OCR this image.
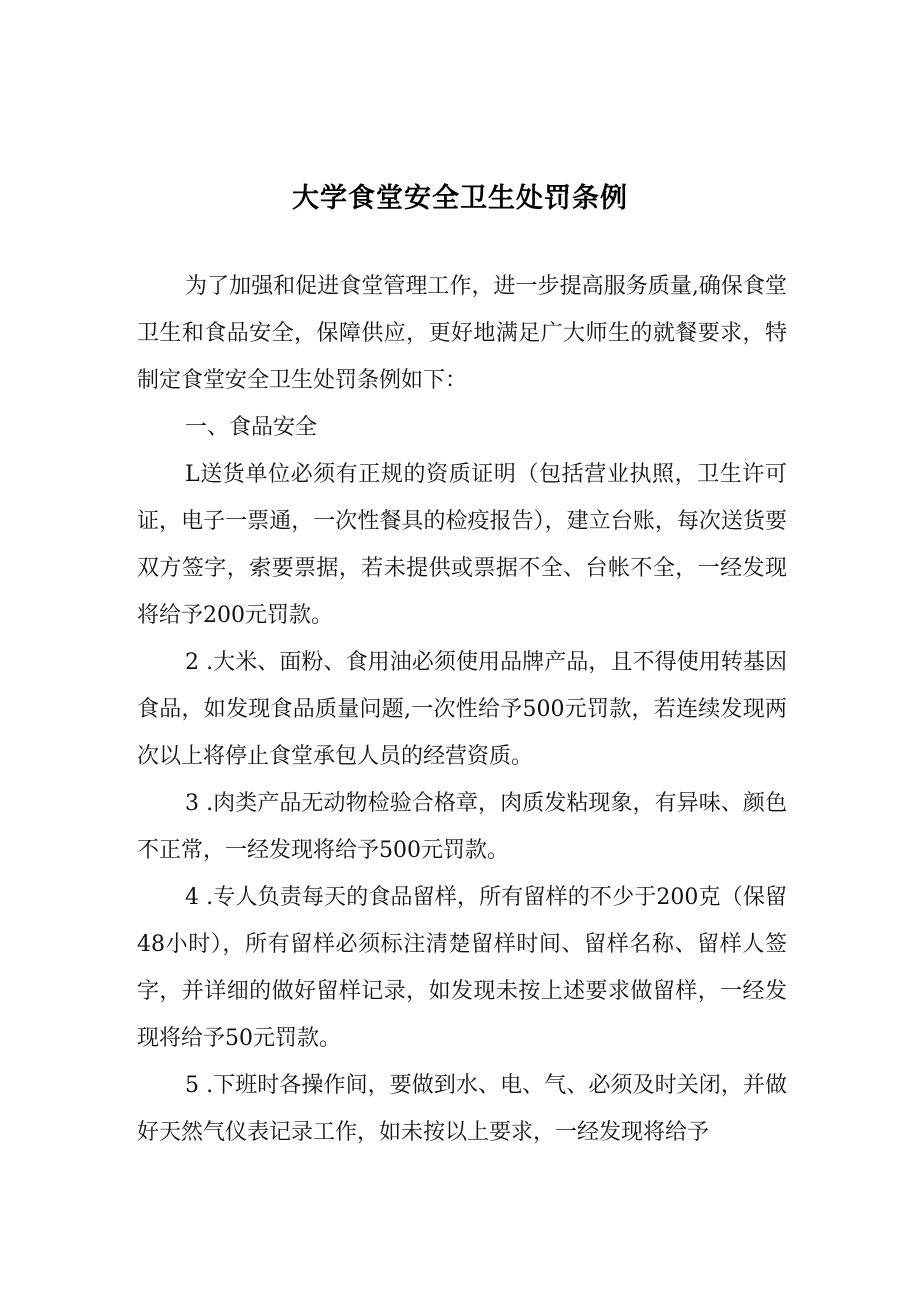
大学食堂安全卫生处罚条例

为了加强和促进食堂管理工作，进一步提高服务质量,确保食堂卫生和食品安全，保障供应，更好地满足广大师生的就餐要求，特制定食堂安全卫生处罚条例如下：

一、食品安全

L送货单位必须有正规的资质证明（包括营业执照，卫生许可证，电子一票通，一次性餐具的检疫报告），建立台账，每次送货要双方签字，索要票据，若未提供或票据不全、台帐不全，一经发现将给予200元罚款。

2 .大米、面粉、食用油必须使用品牌产品，且不得使用转基因食品，如发现食品质量问题,一次性给予500元罚款，若连续发现两次以上将停止食堂承包人员的经营资质。

3 .肉类产品无动物检验合格章，肉质发粘现象，有异味、颜色不正常，一经发现将给予500元罚款。

4 .专人负责每天的食品留样，所有留样的不少于200克（保留48小时），所有留样必须标注清楚留样时间、留样名称、留样人签字，并详细的做好留样记录，如发现未按上述要求做留样，一经发现将给予50元罚款。

5 .下班时各操作间，要做到水、电、气、必须及时关闭，并做好天然气仪表记录工作，如未按以上要求，一经发现将给予
